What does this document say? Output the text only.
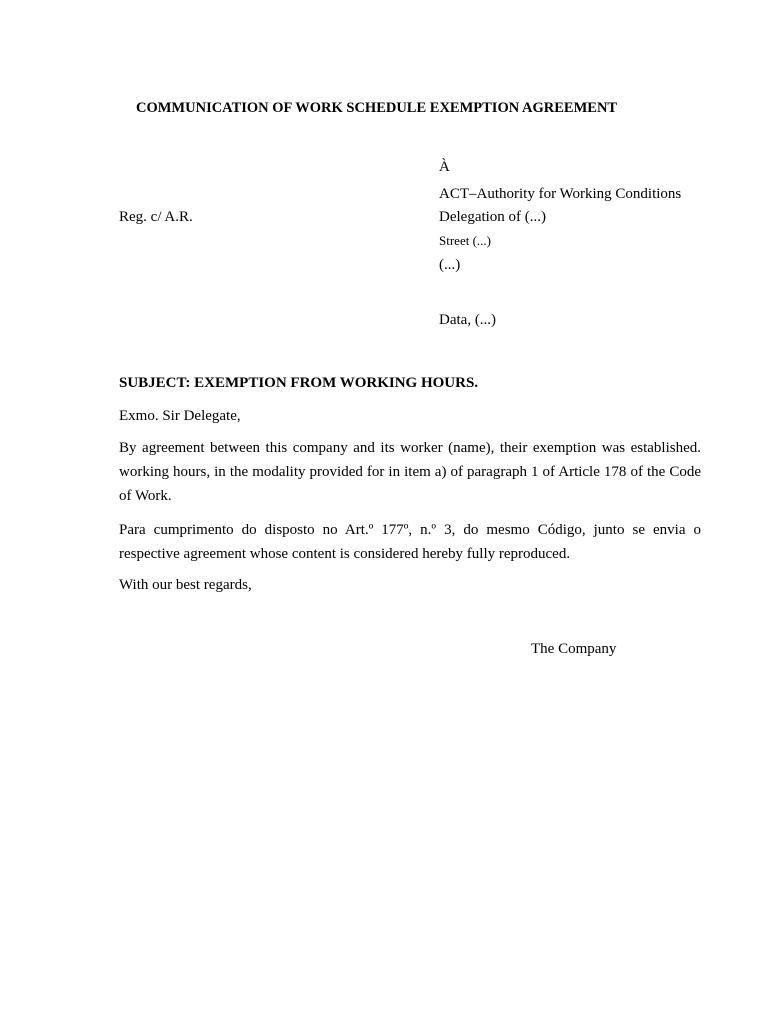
COMMUNICATION OF WORK SCHEDULE EXEMPTION AGREEMENT
À
ACT–Authority for Working Conditions
Delegation of (...)
Street (...)
(...)
Data, (...)
Reg. c/ A.R.
SUBJECT: EXEMPTION FROM WORKING HOURS.
Exmo. Sir Delegate,
By agreement between this company and its worker (name), their exemption was established.
working hours, in the modality provided for in item a) of paragraph 1 of Article 178 of the Code
of Work.
Para cumprimento do disposto no Art.º 177º, n.º 3, do mesmo Código, junto se envia o
respective agreement whose content is considered hereby fully reproduced.
With our best regards,
The Company
